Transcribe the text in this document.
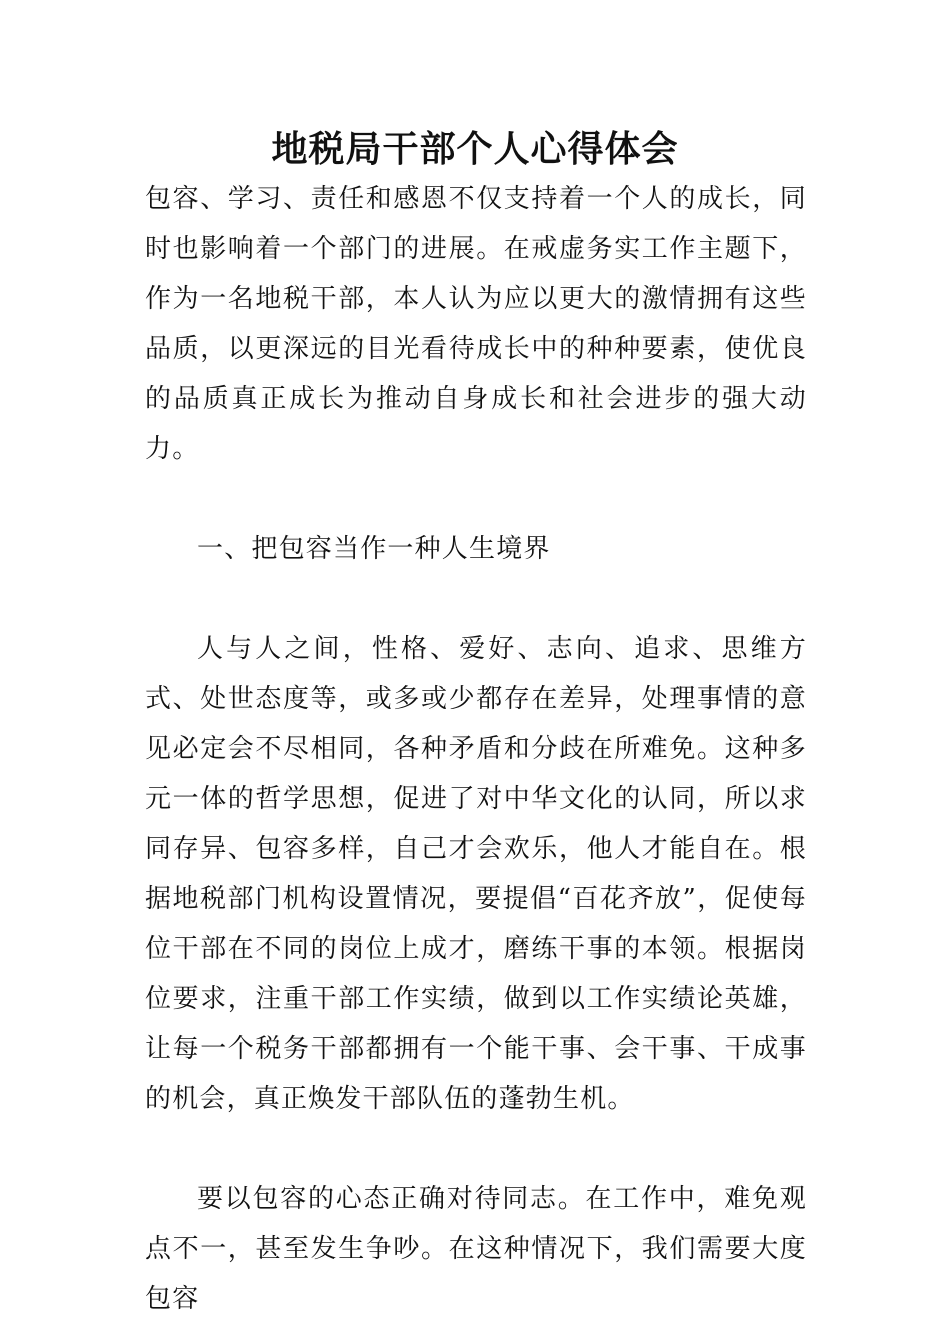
地税局干部个人心得体会

包容、学习、责任和感恩不仅支持着一个人的成长，同时也影响着一个部门的进展。在戒虚务实工作主题下，作为一名地税干部，本人认为应以更大的激情拥有这些品质，以更深远的目光看待成长中的种种要素，使优良的品质真正成长为推动自身成长和社会进步的强大动力。

一、把包容当作一种人生境界

人与人之间，性格、爱好、志向、追求、思维方式、处世态度等，或多或少都存在差异，处理事情的意见必定会不尽相同，各种矛盾和分歧在所难免。这种多元一体的哲学思想，促进了对中华文化的认同，所以求同存异、包容多样，自己才会欢乐，他人才能自在。根据地税部门机构设置情况，要提倡“百花齐放”，促使每位干部在不同的岗位上成才，磨练干事的本领。根据岗位要求，注重干部工作实绩，做到以工作实绩论英雄，让每一个税务干部都拥有一个能干事、会干事、干成事的机会，真正焕发干部队伍的蓬勃生机。

要以包容的心态正确对待同志。在工作中，难免观点不一，甚至发生争吵。在这种情况下，我们需要大度包容
